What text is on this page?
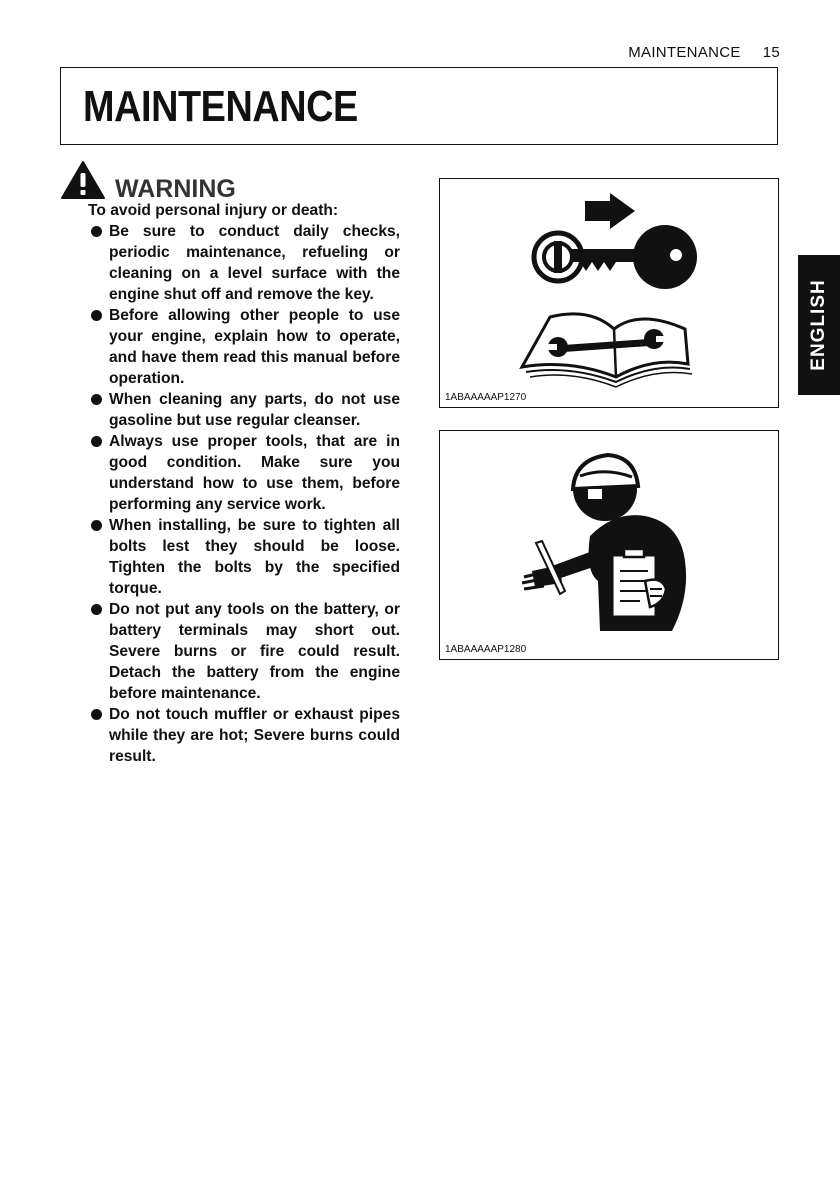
MAINTENANCE 15
MAINTENANCE
WARNING

To avoid personal injury or death:

Be sure to conduct daily checks, periodic maintenance, refueling or cleaning on a level surface with the engine shut off and remove the key.
Before allowing other people to use your engine, explain how to operate, and have them read this manual before operation.
When cleaning any parts, do not use gasoline but use regular cleanser.
Always use proper tools, that are in good condition. Make sure you understand how to use them, before performing any service work.
When installing, be sure to tighten all bolts lest they should be loose. Tighten the bolts by the specified torque.
Do not put any tools on the battery, or battery terminals may short out. Severe burns or fire could result. Detach the battery from the engine before maintenance.
Do not touch muffler or exhaust pipes while they are hot; Severe burns could result.
1ABAAAAAP1270
1ABAAAAAP1280
ENGLISH
